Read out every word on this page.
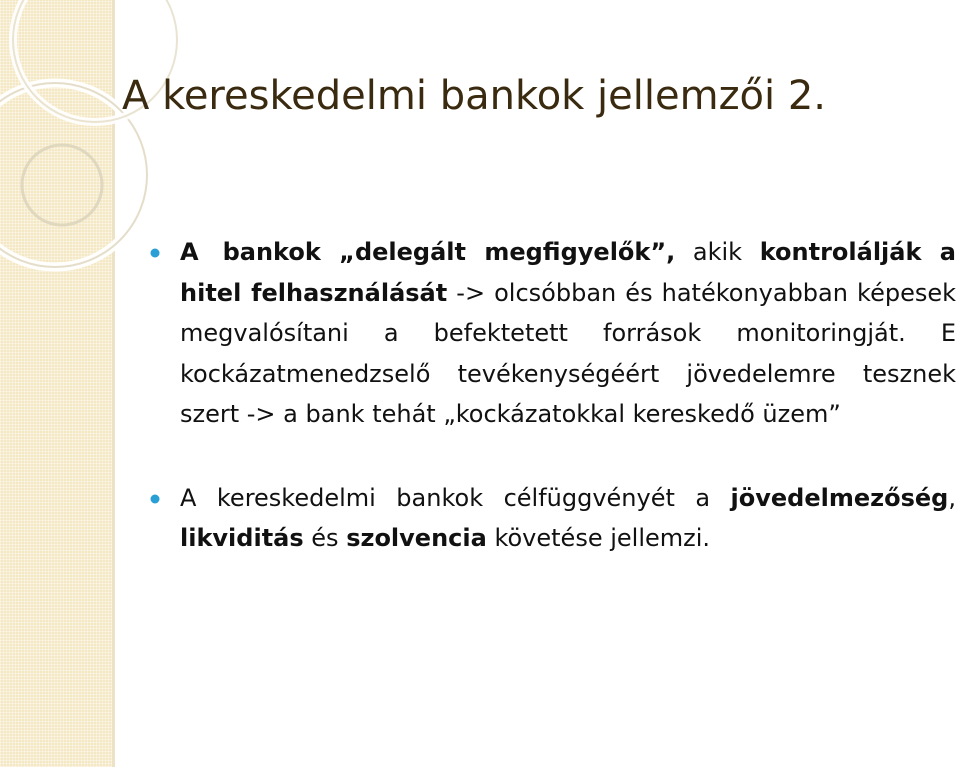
A kereskedelmi bankok jellemzői 2.
A  bankok „delegált megfigyelők”, akik kontrolálják a hitel felhasználását -> olcsóbban és hatékonyabban képesek megvalósítani a befektetett források monitoringját. E kockázatmenedzselő tevékenységéért jövedelemre tesznek szert -> a bank tehát „kockázatokkal kereskedő üzem”
A kereskedelmi bankok célfüggvényét a jövedelmezőség, likviditás és szolvencia követése jellemzi.
